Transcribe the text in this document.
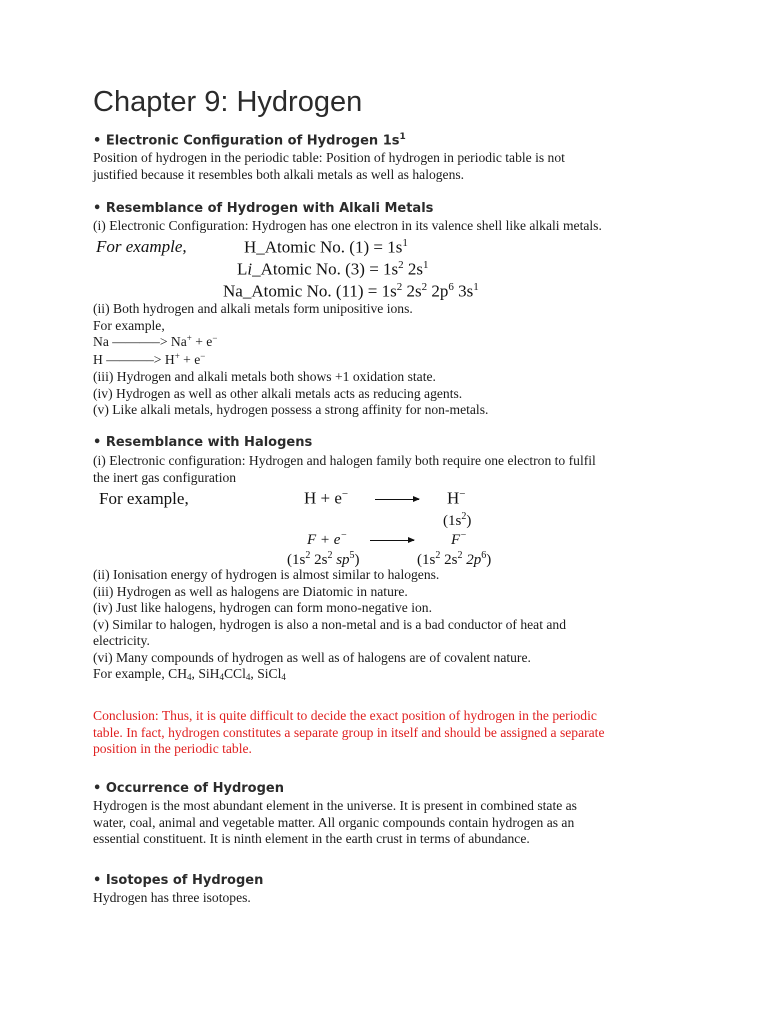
Chapter 9: Hydrogen
• Electronic Configuration of Hydrogen $1s^1$
Position of hydrogen in the periodic table: Position of hydrogen in periodic table is not
justified because it resembles both alkali metals as well as halogens.
• Resemblance of Hydrogen with Alkali Metals
(i) Electronic Configuration: Hydrogen has one electron in its valence shell like alkali metals.
For example,	H_Atomic No. $(1) = 1s^1$
Li_Atomic No. $(3) = 1s^2$ $2s^1$
Na_Atomic No. $(11) = 1s^2$ $2s^2$ $2p^6$ $3s^1$
(ii) Both hydrogen and alkali metals form unipositive ions.
For example,
Na ———–> Na+ + e−
H ———–> H+ + e−
(iii) Hydrogen and alkali metals both shows +1 oxidation state.
(iv) Hydrogen as well as other alkali metals acts as reducing agents.
(v) Like alkali metals, hydrogen possess a strong affinity for non-metals.
• Resemblance with Halogens
(i) Electronic configuration: Hydrogen and halogen family both require one electron to fulfil
the inert gas configuration
For example,	H + e−	H−
$(1s^2)$
F + e−	F−
($1s^2$ $2s^2$ $sp^5$)	($1s^2$ $2s^2$ $2p^6$)
(ii) Ionisation energy of hydrogen is almost similar to halogens.
(iii) Hydrogen as well as halogens are Diatomic in nature.
(iv) Just like halogens, hydrogen can form mono-negative ion.
(v) Similar to halogen, hydrogen is also a non-metal and is a bad conductor of heat and
electricity.
(vi) Many compounds of hydrogen as well as of halogens are of covalent nature.
For example, $CH_4$, SiH$_4$CCl$_4$, SiCl$_4$
Conclusion: Thus, it is quite difficult to decide the exact position of hydrogen in the periodic
table. In fact, hydrogen constitutes a separate group in itself and should be assigned a separate
position in the periodic table.
• Occurrence of Hydrogen
Hydrogen is the most abundant element in the universe. It is present in combined state as
water, coal, animal and vegetable matter. All organic compounds contain hydrogen as an
essential constituent. It is ninth element in the earth crust in terms of abundance.
• Isotopes of Hydrogen
Hydrogen has three isotopes.
